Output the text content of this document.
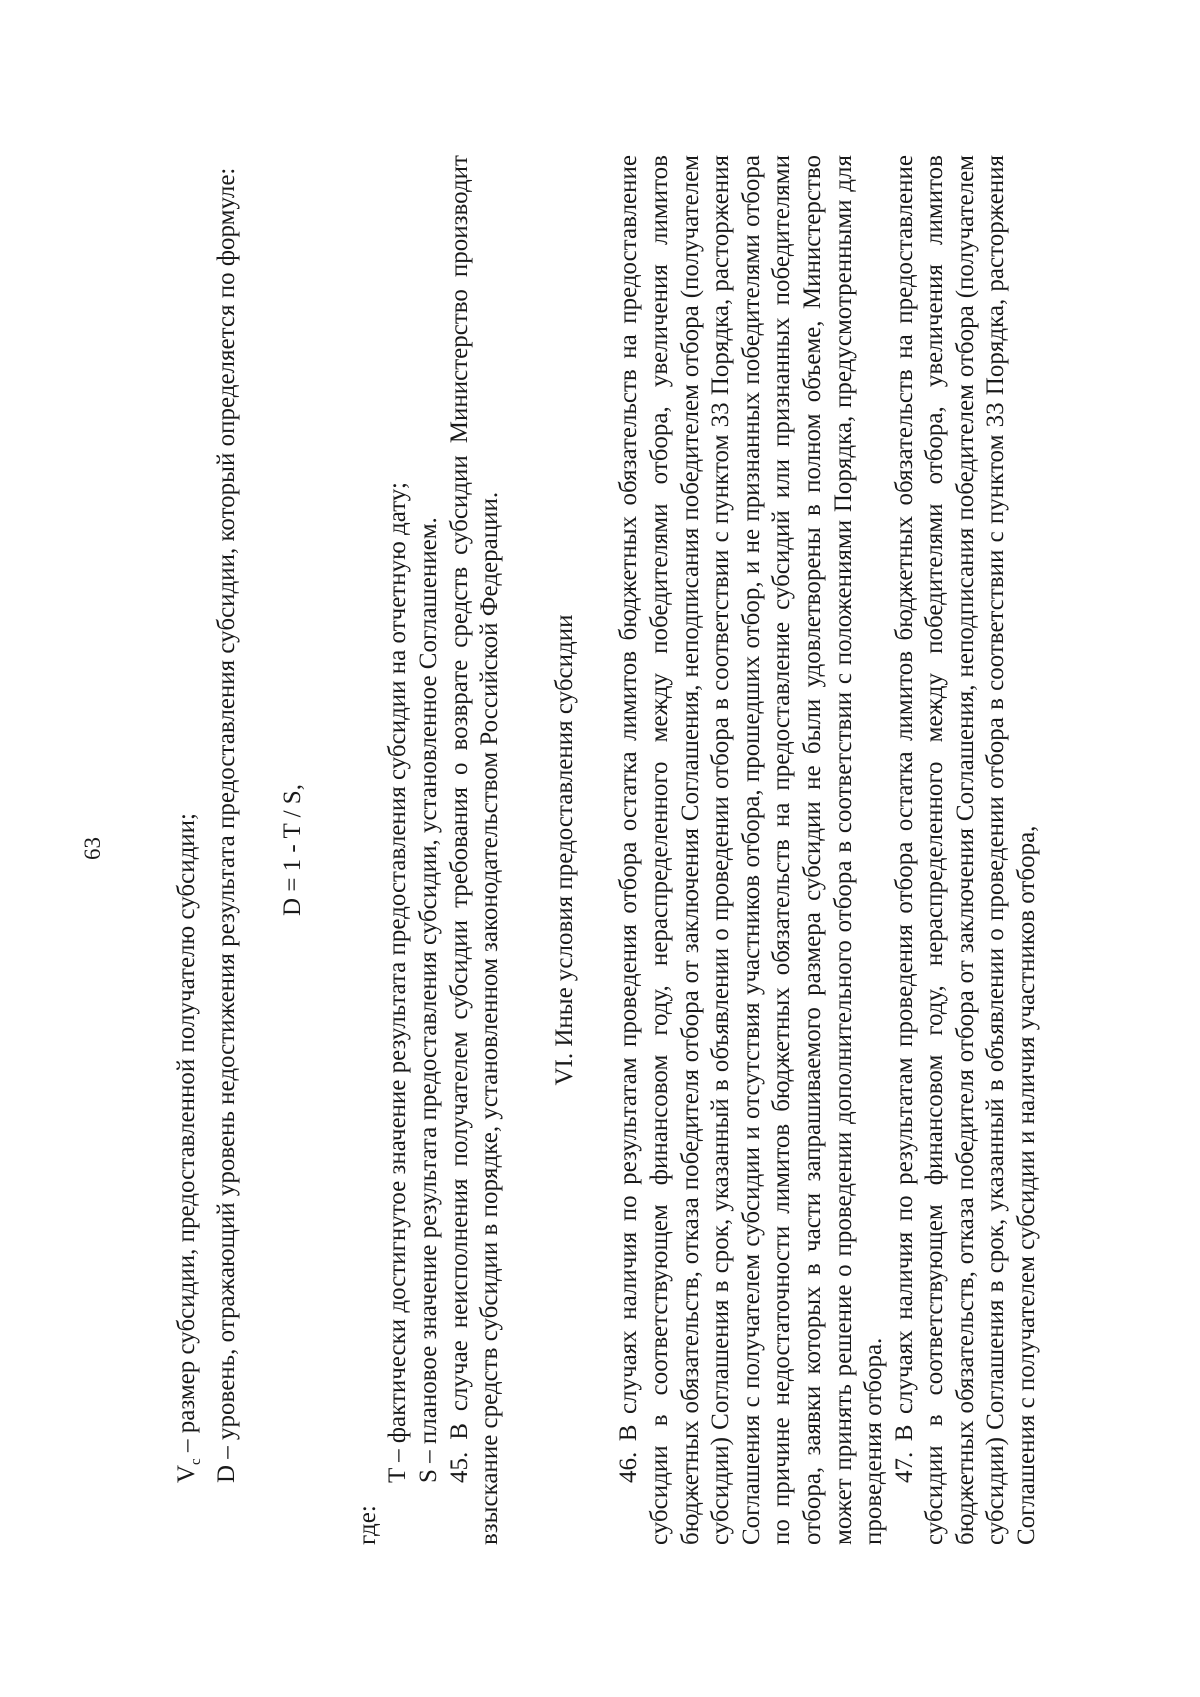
63

$V_c$ – размер субсидии, предоставленной получателю субсидии; D – уровень, отражающий уровень недостижения результата предоставления субсидии, который определяется по формуле: D = 1 - T / S,

где:

T – фактически достигнутое значение результата предоставления субсидии на отчетную дату; S – плановое значение результата предоставления субсидии, установленное Соглашением. 45. В случае неисполнения получателем субсидии требования о возврате средств субсидии Министерство производит взыскание средств субсидии в порядке, установленном законодательством Российской Федерации. VI. Иные условия предоставления субсидии 46. В случаях наличия по результатам проведения отбора остатка лимитов бюджетных обязательств на предоставление субсидии в соответствующем финансовом году, нераспределенного между победителями отбора, увеличения лимитов бюджетных обязательств, отказа победителя отбора от заключения Соглашения, неподписания победителем отбора (получателем субсидии) Соглашения в срок, указанный в объявлении о проведении отбора в соответствии с пунктом 33 Порядка, расторжения Соглашения с получателем субсидии и отсутствия участников отбора, прошедших отбор, и не признанных победителями отбора по причине недостаточности лимитов бюджетных обязательств на предоставление субсидий или признанных победителями отбора, заявки которых в части запрашиваемого размера субсидии не были удовлетворены в полном объеме, Министерство может принять решение о проведении дополнительного отбора в соответствии с положениями Порядка, предусмотренными для проведения отбора. 47. В случаях наличия по результатам проведения отбора остатка лимитов бюджетных обязательств на предоставление субсидии в соответствующем финансовом году, нераспределенного между победителями отбора, увеличения лимитов бюджетных обязательств, отказа победителя отбора от заключения Соглашения, неподписания победителем отбора (получателем субсидии) Соглашения в срок, указанный в объявлении о проведении отбора в соответствии с пунктом 33 Порядка, расторжения Соглашения с получателем субсидии и наличия участников отбора,
